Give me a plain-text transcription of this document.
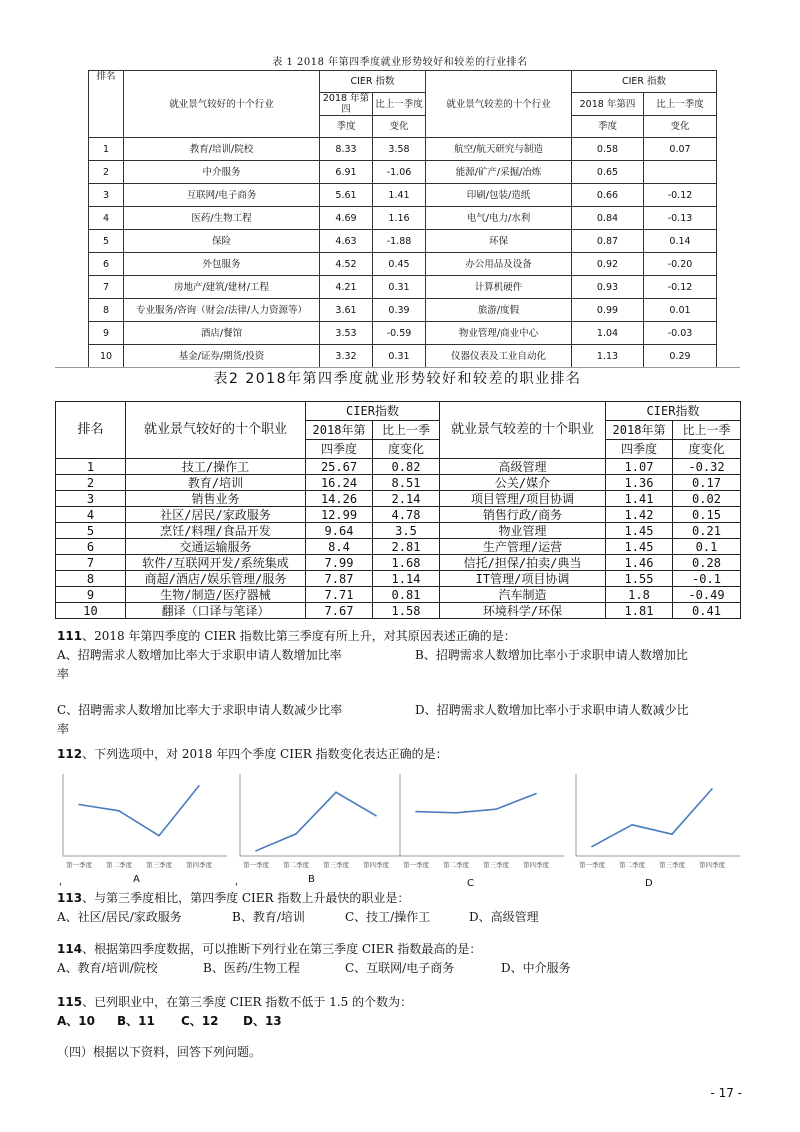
表 1 2018 年第四季度就业形势较好和较差的行业排名
排名	就业景气较好的十个行业	CIER 指数		就业景气较差的十个行业	CIER 指数	
		2018 年第四	比上一季度		2018 年第四	比上一季度
		季度	变化		季度	变化
1	教育/培训/院校	8.33	3.58	航空/航天研究与制造	0.58	0.07
2	中介服务	6.91	-1.06	能源/矿产/采掘/冶炼	0.65	
3	互联网/电子商务	5.61	1.41	印刷/包装/造纸	0.66	-0.12
4	医药/生物工程	4.69	1.16	电气/电力/水利	0.84	-0.13
5	保险	4.63	-1.88	环保	0.87	0.14
6	外包服务	4.52	0.45	办公用品及设备	0.92	-0.20
7	房地产/建筑/建材/工程	4.21	0.31	计算机硬件	0.93	-0.12
8	专业服务/咨询（财会/法律/人力资源等）	3.61	0.39	旅游/度假	0.99	0.01
9	酒店/餐馆	3.53	-0.59	物业管理/商业中心	1.04	-0.03
10	基金/证券/期货/投资	3.32	0.31	仪器仪表及工业自动化	1.13	0.29
表2 2018年第四季度就业形势较好和较差的职业排名
排名	就业景气较好的十个职业	CIER指数		就业景气较差的十个职业	CIER指数	
		2018年第	比上一季		2018年第	比上一季
		四季度	度变化		四季度	度变化
1	技工/操作工	25.67	0.82	高级管理	1.07	-0.32
2	教育/培训	16.24	8.51	公关/媒介	1.36	0.17
3	销售业务	14.26	2.14	项目管理/项目协调	1.41	0.02
4	社区/居民/家政服务	12.99	4.78	销售行政/商务	1.42	0.15
5	烹饪/料理/食品开发	9.64	3.5	物业管理	1.45	0.21
6	交通运输服务	8.4	2.81	生产管理/运营	1.45	0.1
7	软件/互联网开发/系统集成	7.99	1.68	信托/担保/拍卖/典当	1.46	0.28
8	商超/酒店/娱乐管理/服务	7.87	1.14	IT管理/项目协调	1.55	-0.1
9	生物/制造/医疗器械	7.71	0.81	汽车制造	1.8	-0.49
10	翻译（口译与笔译）	7.67	1.58	环境科学/环保	1.81	0.41
111、2018 年第四季度的 CIER 指数比第三季度有所上升，对其原因表述正确的是：
A、招聘需求人数增加比率大于求职申请人数增加比率	B、招聘需求人数增加比率小于求职申请人数增加比
率
C、招聘需求人数增加比率大于求职申请人数减少比率	D、招聘需求人数增加比率小于求职申请人数减少比
率
112、下列选项中，对 2018 年四个季度 CIER 指数变化表达正确的是：
第一季度 第二季度 第三季度 第四季度	第一季度 第二季度 第三季度 第四季度 第一季度 第二季度 第三季度 第四季度	第一季度 第二季度 第三季度 第四季度
'	'
A	B	C	D
113、与第三季度相比，第四季度 CIER 指数上升最快的职业是：
A、社区/居民/家政服务	B、教育/培训	C、技工/操作工	D、高级管理
114、根据第四季度数据，可以推断下列行业在第三季度 CIER 指数最高的是：
A、教育/培训/院校	B、医药/生物工程	C、互联网/电子商务	D、中介服务
115、已列职业中，在第三季度 CIER 指数不低于 1.5 的个数为：
A、10 B、11 C、12 D、13
（四）根据以下资料，回答下列问题。
- 17 -
